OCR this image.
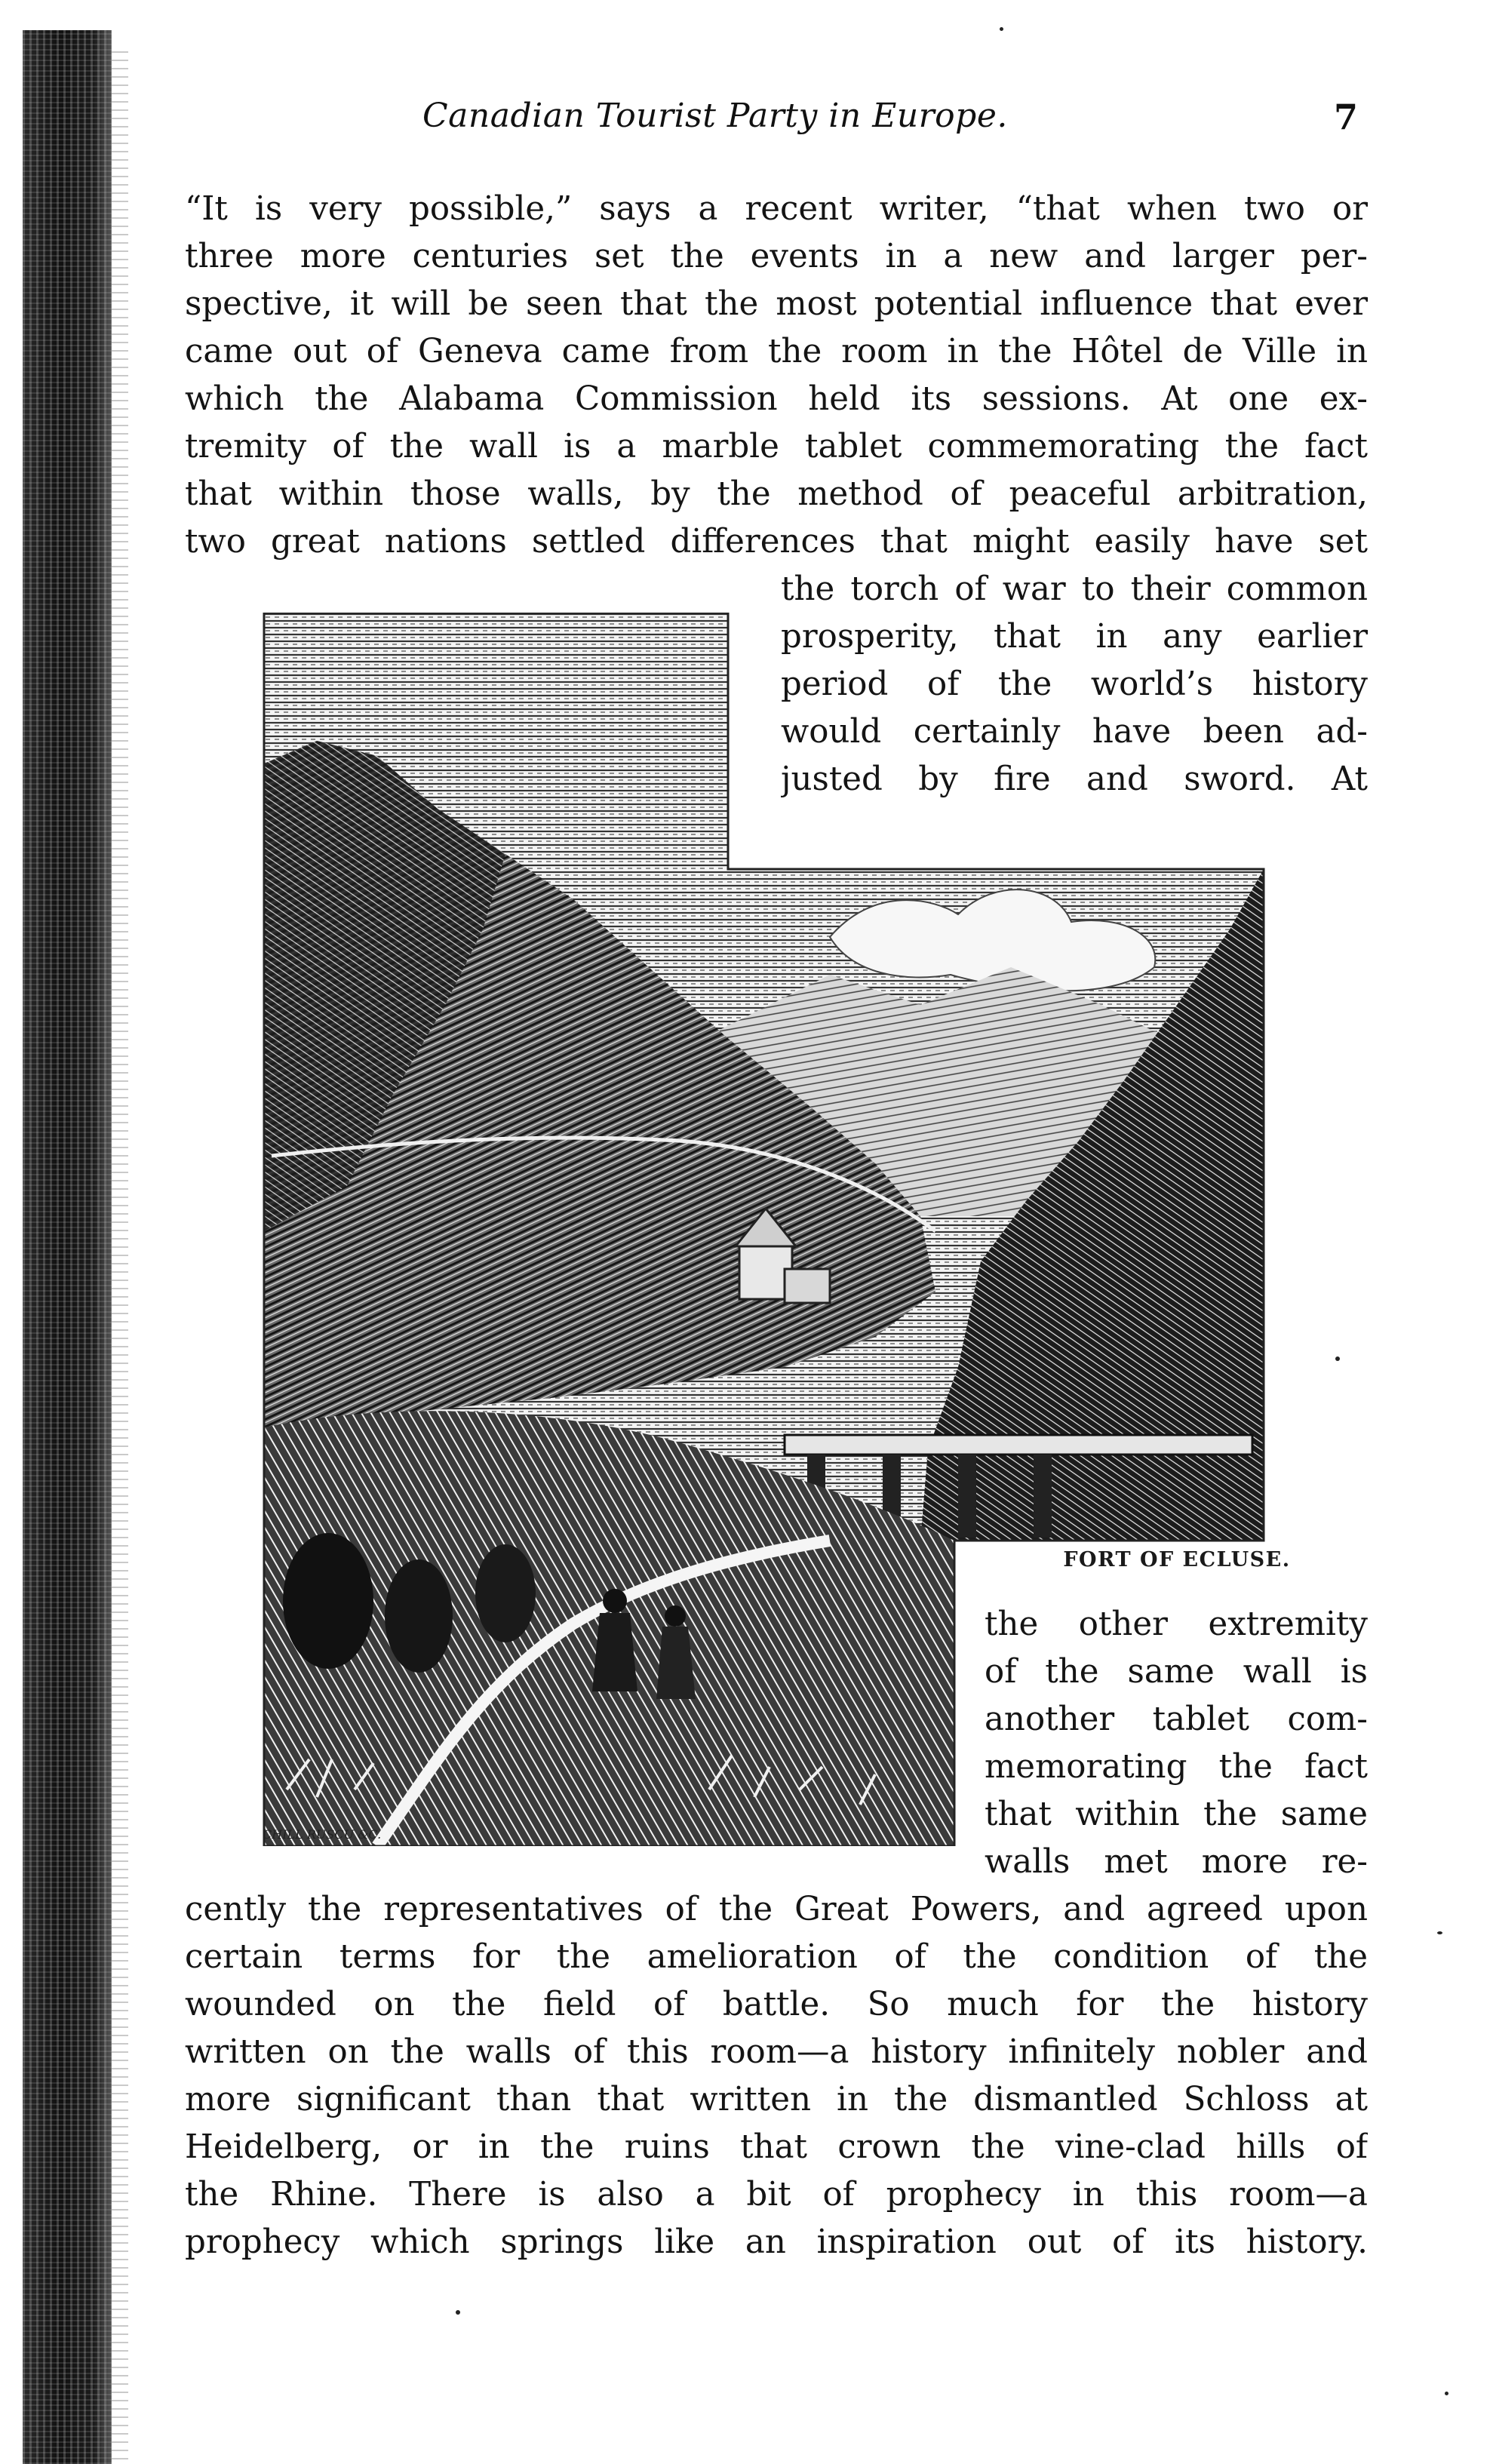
Canadian Tourist Party in Europe.	7
“It is very possible,” says a recent writer, “that when two or
three more centuries set the events in a new and larger per-
spective, it will be seen that the most potential influence that ever
came out of Geneva came from the room in the Hôtel de Ville in
which the Alabama Commission held its sessions. At one ex-
tremity of the wall is a marble tablet commemorating the fact
that within those walls, by the method of peaceful arbitration,
two great nations settled differences that might easily have set
the torch of war to their common
prosperity, that in any earlier
period of the world’s history
would certainly have been ad-
justed by fire and sword. At
FORT OF ECLUSE.
CHILL RUSCU &C.
the other extremity
of the same wall is
another tablet com-
memorating the fact
that within the same
walls met more re-
cently the representatives of the Great Powers, and agreed upon
certain terms for the amelioration of the condition of the
wounded on the field of battle. So much for the history
written on the walls of this room—a history infinitely nobler and
more significant than that written in the dismantled Schloss at
Heidelberg, or in the ruins that crown the vine-clad hills of
the Rhine. There is also a bit of prophecy in this room—a
prophecy which springs like an inspiration out of its history.
